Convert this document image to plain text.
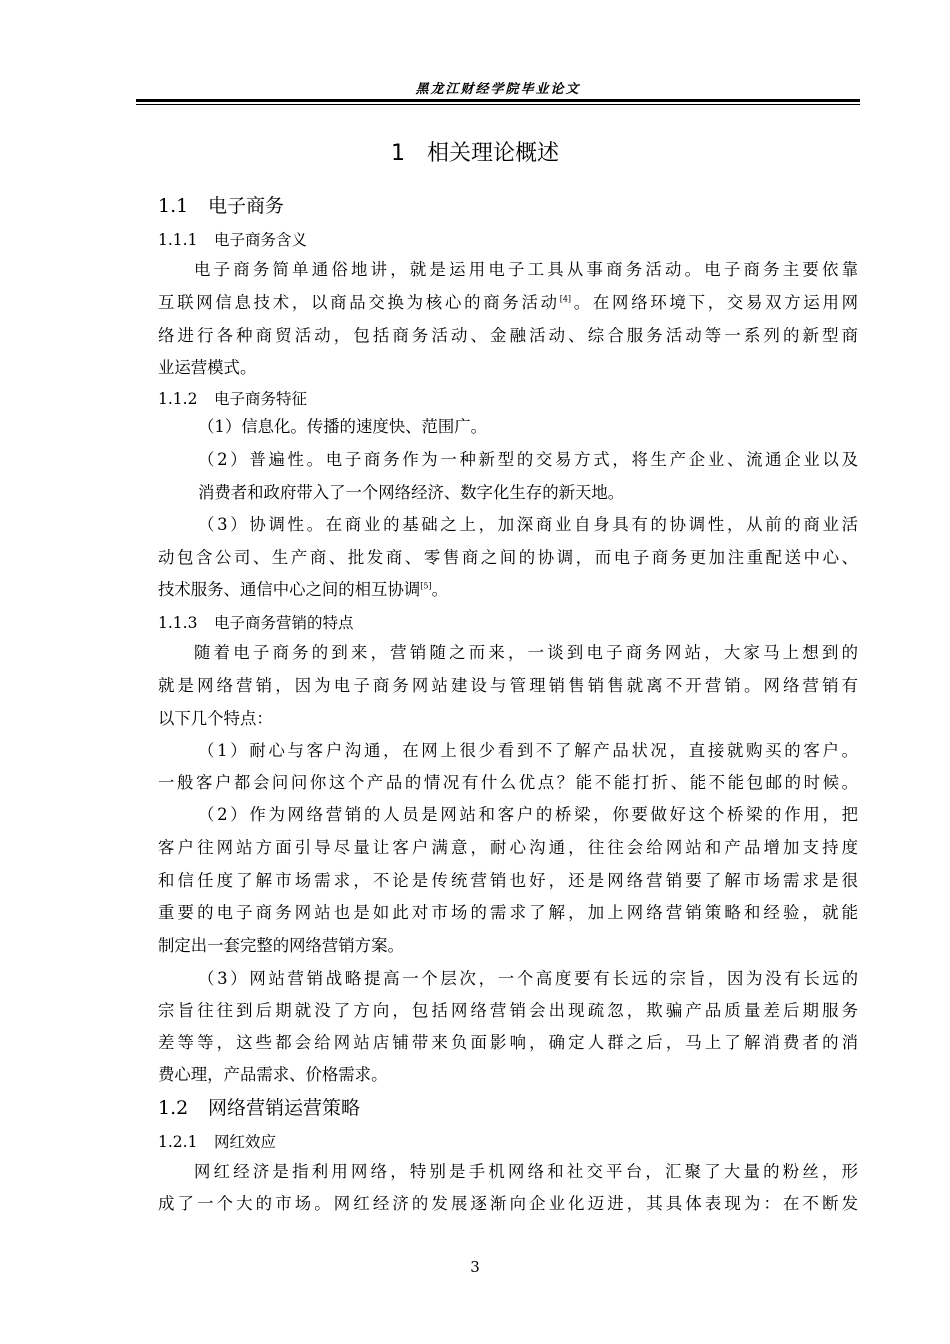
黑龙江财经学院毕业论文
1 相关理论概述
1.1 电子商务
1.1.1 电子商务含义
电子商务简单通俗地讲，就是运用电子工具从事商务活动。电子商务主要依靠
互联网信息技术，以商品交换为核心的商务活动[4]。在网络环境下，交易双方运用网
络进行各种商贸活动，包括商务活动、金融活动、综合服务活动等一系列的新型商
业运营模式。
1.1.2 电子商务特征
（1）信息化。传播的速度快、范围广。
（2）普遍性。电子商务作为一种新型的交易方式，将生产企业、流通企业以及
消费者和政府带入了一个网络经济、数字化生存的新天地。
（3）协调性。在商业的基础之上，加深商业自身具有的协调性，从前的商业活
动包含公司、生产商、批发商、零售商之间的协调，而电子商务更加注重配送中心、
技术服务、通信中心之间的相互协调[5]。
1.1.3 电子商务营销的特点
随着电子商务的到来，营销随之而来，一谈到电子商务网站，大家马上想到的
就是网络营销，因为电子商务网站建设与管理销售销售就离不开营销。网络营销有
以下几个特点：
（1）耐心与客户沟通，在网上很少看到不了解产品状况，直接就购买的客户。
一般客户都会问问你这个产品的情况有什么优点？能不能打折、能不能包邮的时候。
（2）作为网络营销的人员是网站和客户的桥梁，你要做好这个桥梁的作用，把
客户往网站方面引导尽量让客户满意，耐心沟通，往往会给网站和产品增加支持度
和信任度了解市场需求，不论是传统营销也好，还是网络营销要了解市场需求是很
重要的电子商务网站也是如此对市场的需求了解，加上网络营销策略和经验，就能
制定出一套完整的网络营销方案。
（3）网站营销战略提高一个层次，一个高度要有长远的宗旨，因为没有长远的
宗旨往往到后期就没了方向，包括网络营销会出现疏忽，欺骗产品质量差后期服务
差等等，这些都会给网站店铺带来负面影响，确定人群之后，马上了解消费者的消
费心理，产品需求、价格需求。
1.2 网络营销运营策略
1.2.1 网红效应
网红经济是指利用网络，特别是手机网络和社交平台，汇聚了大量的粉丝，形
成了一个大的市场。网红经济的发展逐渐向企业化迈进，其具体表现为：在不断发
3
